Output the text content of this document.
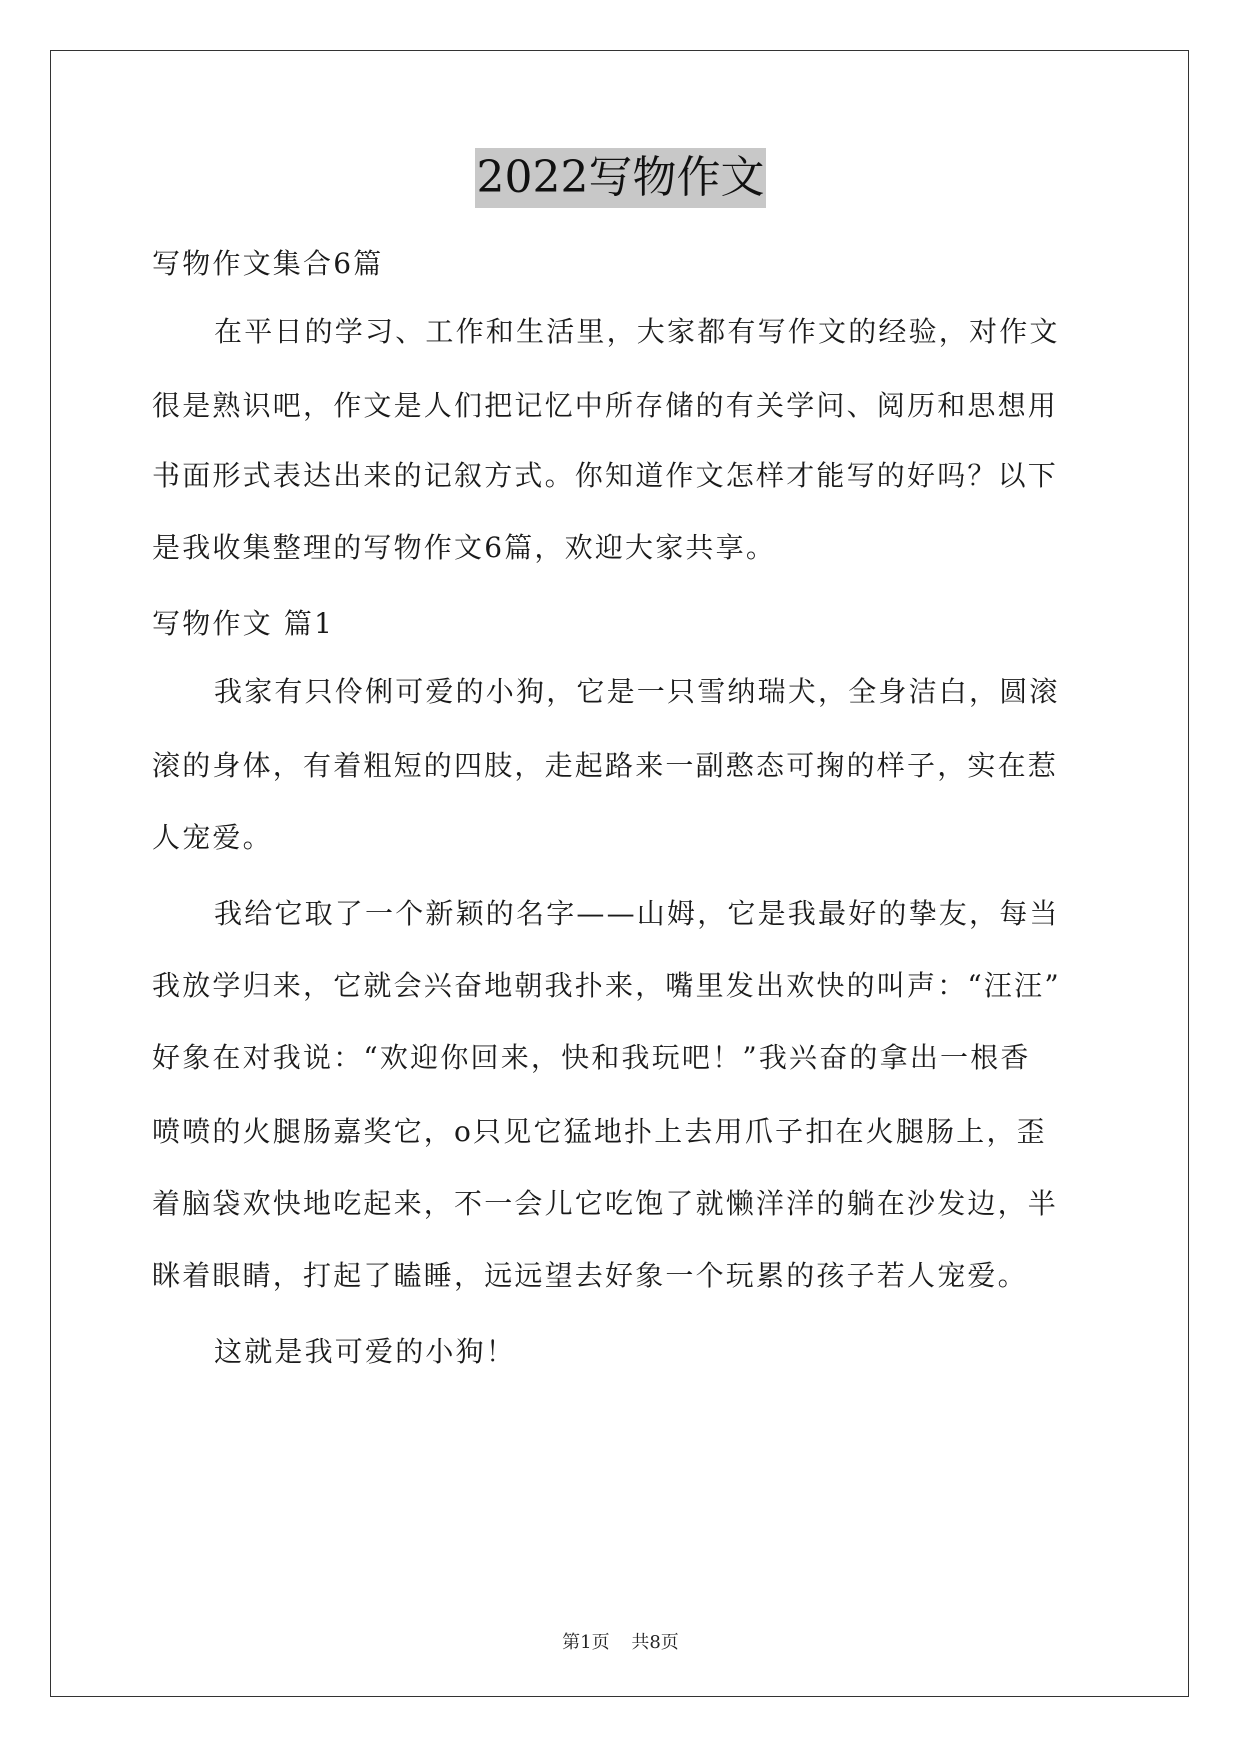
2022写物作文
写物作文集合6篇
在平日的学习、工作和生活里，大家都有写作文的经验，对作文
很是熟识吧，作文是人们把记忆中所存储的有关学问、阅历和思想用
书面形式表达出来的记叙方式。你知道作文怎样才能写的好吗？以下
是我收集整理的写物作文6篇，欢迎大家共享。
写物作文 篇1
我家有只伶俐可爱的小狗，它是一只雪纳瑞犬，全身洁白，圆滚
滚的身体，有着粗短的四肢，走起路来一副憨态可掬的样子，实在惹
人宠爱。
我给它取了一个新颖的名字——山姆，它是我最好的挚友，每当
我放学归来，它就会兴奋地朝我扑来，嘴里发出欢快的叫声：“汪汪”
好象在对我说：“欢迎你回来，快和我玩吧！”我兴奋的拿出一根香
喷喷的火腿肠嘉奖它，o只见它猛地扑上去用爪子扣在火腿肠上，歪
着脑袋欢快地吃起来，不一会儿它吃饱了就懒洋洋的躺在沙发边，半
眯着眼睛，打起了瞌睡，远远望去好象一个玩累的孩子若人宠爱。
这就是我可爱的小狗！
第1页 共8页
